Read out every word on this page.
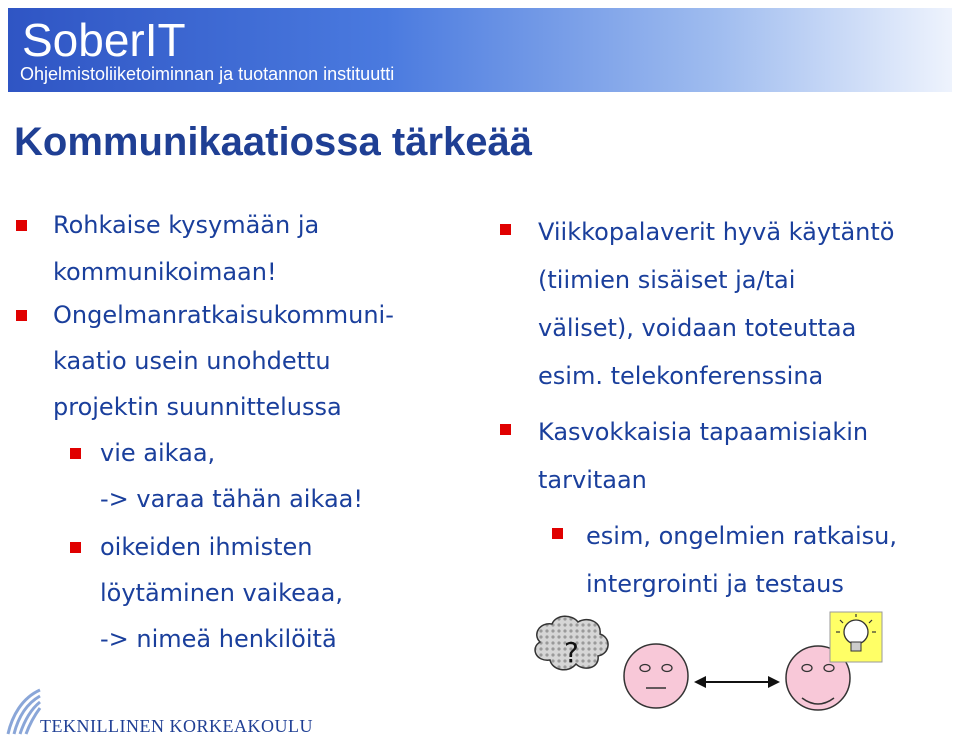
SoberIT
Ohjelmistoliiketoiminnan ja tuotannon instituutti
Kommunikaatiossa tärkeää
Rohkaise kysymään ja
kommunikoimaan!
Ongelmanratkaisukommuni-
kaatio usein unohdettu
projektin suunnittelussa
vie aikaa,
-> varaa tähän aikaa!
oikeiden ihmisten
löytäminen vaikeaa,
-> nimeä henkilöitä
Viikkopalaverit hyvä käytäntö
(tiimien sisäiset ja/tai
väliset), voidaan toteuttaa
esim. telekonferenssina
Kasvokkaisia tapaamisiakin
tarvitaan
esim, ongelmien ratkaisu,
intergrointi ja testaus
?
TEKNILLINEN KORKEAKOULU
